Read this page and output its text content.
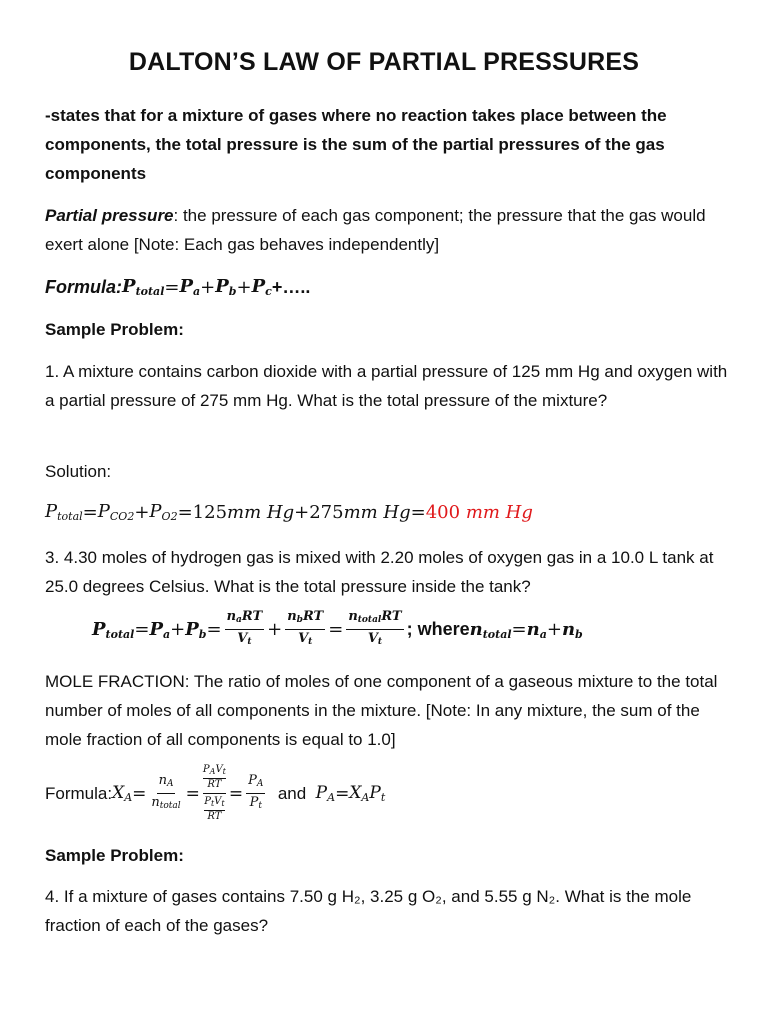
DALTON’S LAW OF PARTIAL PRESSURES
-states that for a mixture of gases where no reaction takes place between the components, the total pressure is the sum of the partial pressures of the gas components
Partial pressure: the pressure of each gas component; the pressure that the gas would exert alone [Note: Each gas behaves independently]
Formula: $P_{total} = P_a + P_b + P_c$ +…..
Sample Problem:
1. A mixture contains carbon dioxide with a partial pressure of 125 mm Hg and oxygen with a partial pressure of 275 mm Hg. What is the total pressure of the mixture?
Solution:
$P_{total} = P_{CO2} + P_{O2} = 125$ mm Hg + 275 mm Hg = 400 mm Hg
3. 4.30 moles of hydrogen gas is mixed with 2.20 moles of oxygen gas in a 10.0 L tank at 25.0 degrees Celsius. What is the total pressure inside the tank?
$P_{total} = P_a + P_b = \frac{n_aRT}{V_t} + \frac{n_bRT}{V_t} = \frac{n_{total}RT}{V_t}$ ; where $n_{total} = n_a + n_b$
MOLE FRACTION: The ratio of moles of one component of a gaseous mixture to the total number of moles of all components in the mixture. [Note: In any mixture, the sum of the mole fraction of all components is equal to 1.0]
Formula: $X_A = \frac{n_A}{n_{total}}$ =
$P_AV_t$
RT
$P_tV_t$
RT
= $\frac{P_A}{P_t}$ and $P_A = X_A$ $P_t$
Sample Problem:
4. If a mixture of gases contains 7.50 g H₂, 3.25 g O₂, and 5.55 g N₂. What is the mole fraction of each of the gases?
